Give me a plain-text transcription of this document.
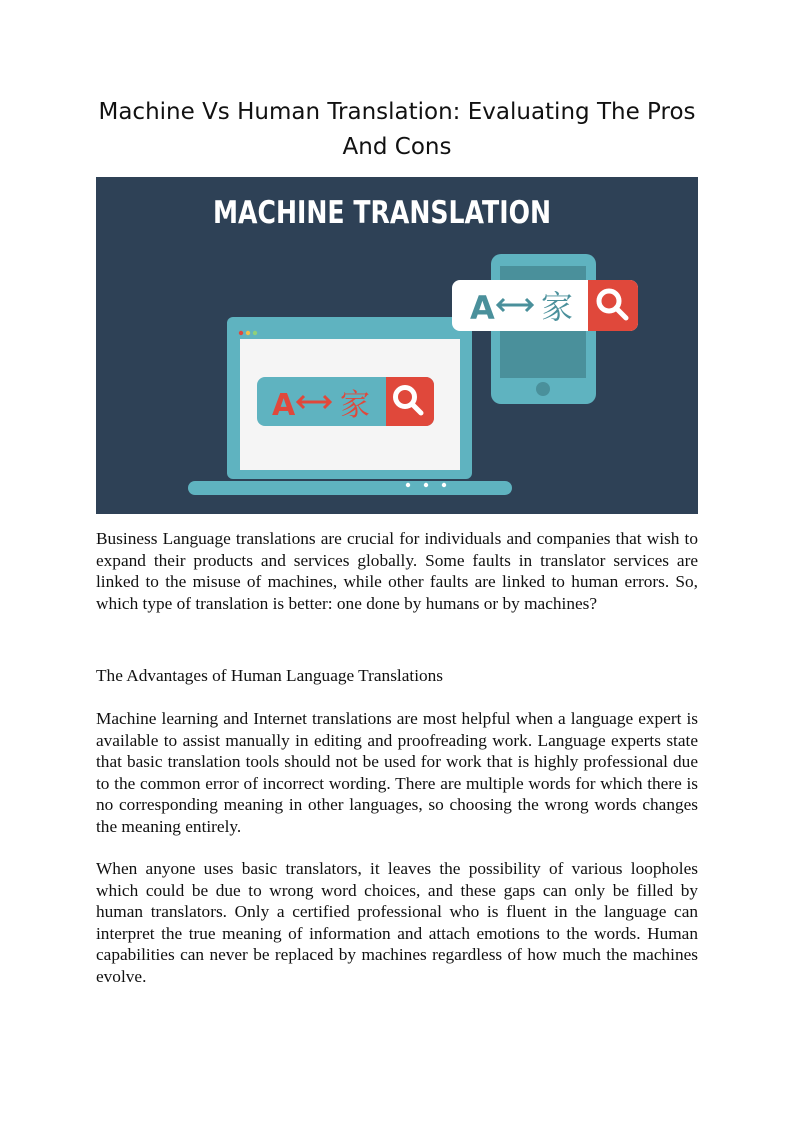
Machine Vs Human Translation: Evaluating The Pros And Cons
MACHINE TRANSLATION
A 家
A 家

Business Language translations are crucial for individuals and companies that wish to expand their products and services globally. Some faults in translator services are linked to the misuse of machines, while other faults are linked to human errors. So, which type of translation is better: one done by humans or by machines?

The Advantages of Human Language Translations

Machine learning and Internet translations are most helpful when a language expert is available to assist manually in editing and proofreading work. Language experts state that basic translation tools should not be used for work that is highly professional due to the common error of incorrect wording. There are multiple words for which there is no corresponding meaning in other languages, so choosing the wrong words changes the meaning entirely.

When anyone uses basic translators, it leaves the possibility of various loopholes which could be due to wrong word choices, and these gaps can only be filled by human translators. Only a certified professional who is fluent in the language can interpret the true meaning of information and attach emotions to the words. Human capabilities can never be replaced by machines regardless of how much the machines evolve.
